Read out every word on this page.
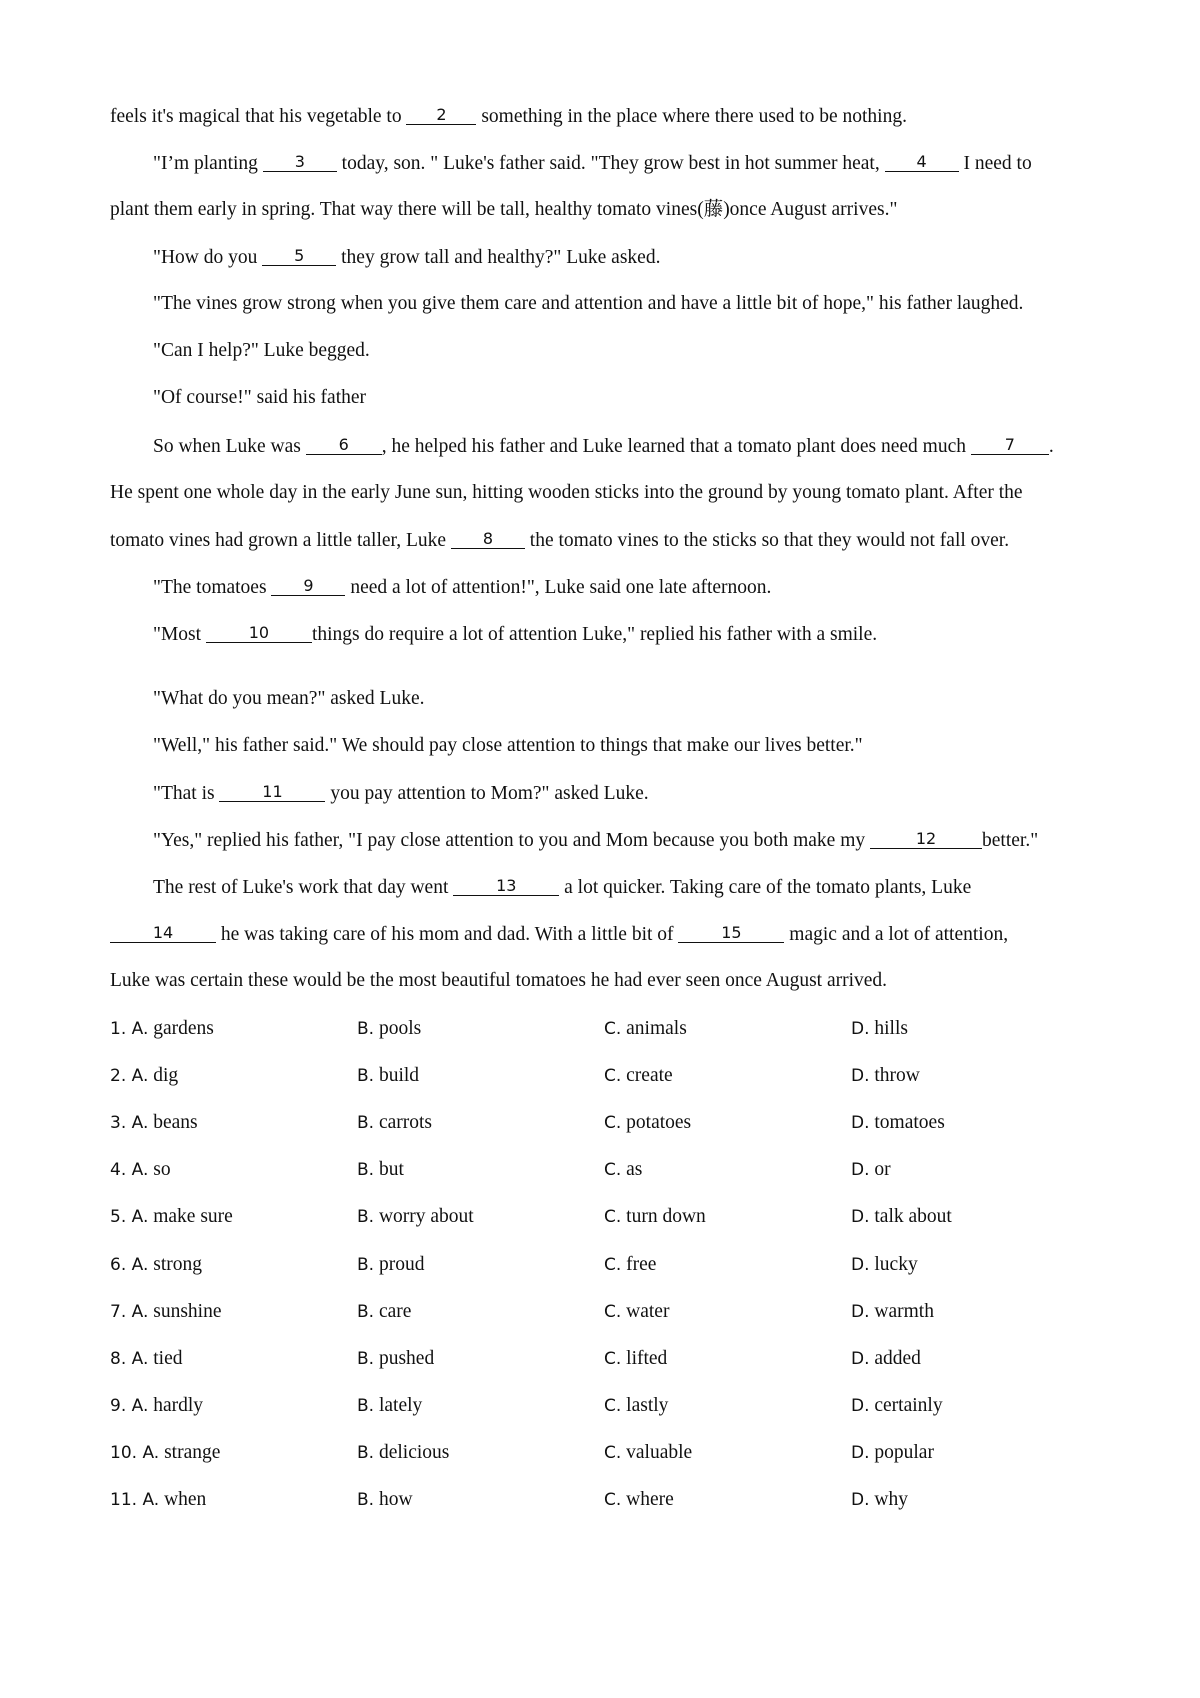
feels it's magical that his vegetable to	2	something in the place where there used to be nothing.
"I’m planting	3	today, son. " Luke's father said. "They grow best in hot summer heat,	4	I need to
plant them early in spring. That way there will be tall, healthy tomato vines(藤)once August arrives."
"How do you	5	they grow tall and healthy?" Luke asked.
"The vines grow strong when you give them care and attention and have a little bit of hope," his father laughed.
"Can I help?" Luke begged.
"Of course!" said his father
So when Luke was	6	, he helped his father and Luke learned that a tomato plant does need much	7	.
He spent one whole day in the early June sun, hitting wooden sticks into the ground by young tomato plant. After the
tomato vines had grown a little taller, Luke	8	the tomato vines to the sticks so that they would not fall over.
"The tomatoes	9	need a lot of attention!", Luke said one late afternoon.
"Most	10	things do require a lot of attention Luke," replied his father with a smile.
"What do you mean?" asked Luke.
"Well," his father said." We should pay close attention to things that make our lives better."
"That is	11	you pay attention to Mom?" asked Luke.
"Yes," replied his father, "I pay close attention to you and Mom because you both make my	12	better."
The rest of Luke's work that day went	13	a lot quicker. Taking care of the tomato plants, Luke
14	he was taking care of his mom and dad. With a little bit of	15	magic and a lot of attention,
Luke was certain these would be the most beautiful tomatoes he had ever seen once August arrived.
1. A. gardens	B. pools	C. animals	D. hills
2. A. dig	B. build	C. create	D. throw
3. A. beans	B. carrots	C. potatoes	D. tomatoes
4. A. so	B. but	C. as	D. or
5. A. make sure	B. worry about	C. turn down	D. talk about
6. A. strong	B. proud	C. free	D. lucky
7. A. sunshine	B. care	C. water	D. warmth
8. A. tied	B. pushed	C. lifted	D. added
9. A. hardly	B. lately	C. lastly	D. certainly
10. A. strange	B. delicious	C. valuable	D. popular
11. A. when	B. how	C. where	D. why
